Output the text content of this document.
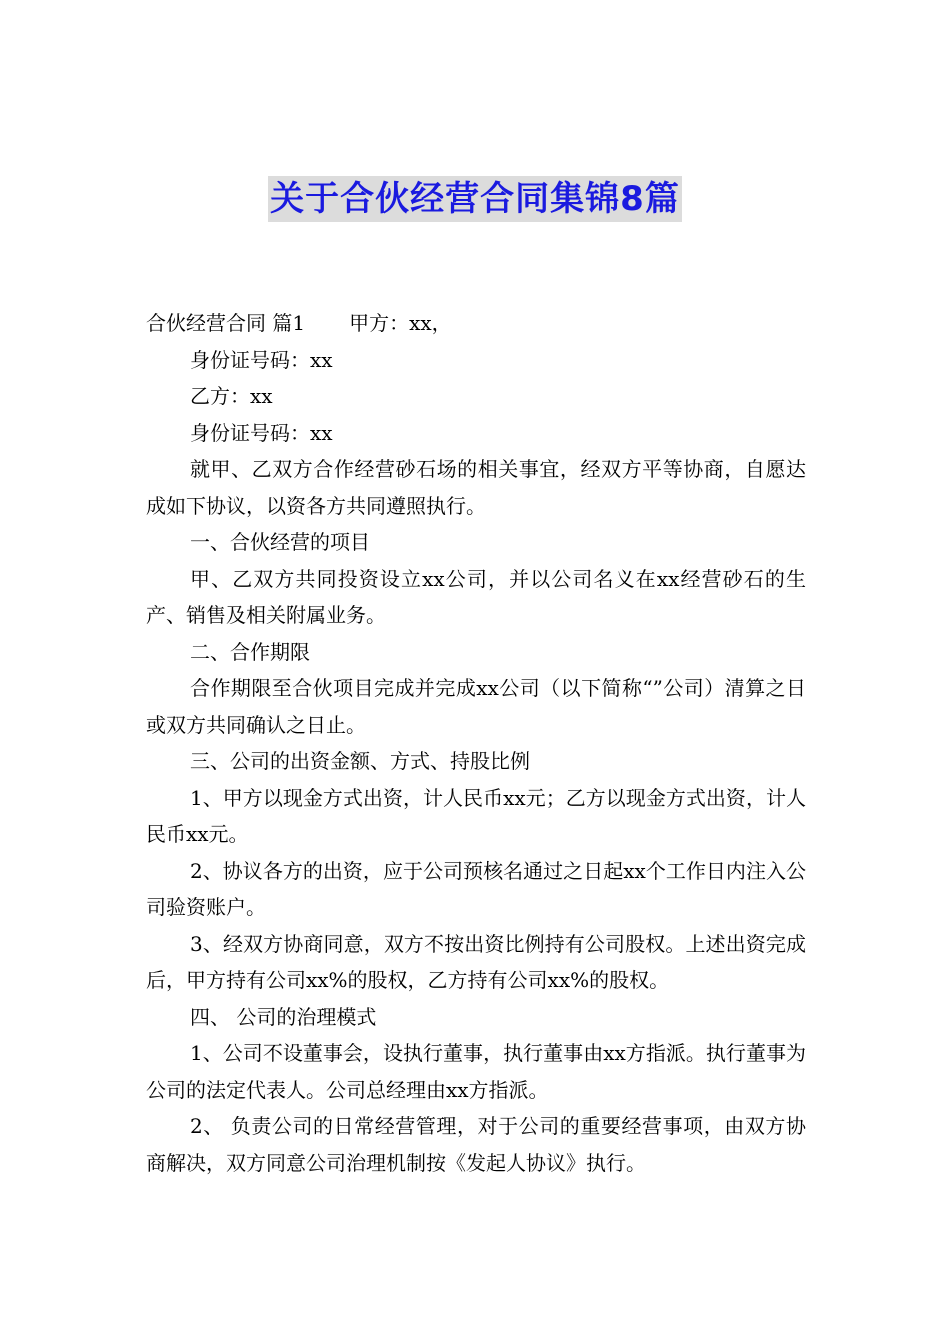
关于合伙经营合同集锦8篇

合伙经营合同 篇1 甲方：xx，

身份证号码：xx

乙方：xx

身份证号码：xx

就甲、乙双方合作经营砂石场的相关事宜，经双方平等协商，自愿达成如下协议，以资各方共同遵照执行。

一、合伙经营的项目

甲、乙双方共同投资设立xx公司，并以公司名义在xx经营砂石的生产、销售及相关附属业务。

二、合作期限

合作期限至合伙项目完成并完成xx公司（以下简称“”公司）清算之日或双方共同确认之日止。

三、公司的出资金额、方式、持股比例

1、甲方以现金方式出资，计人民币xx元；乙方以现金方式出资，计人民币xx元。

2、协议各方的出资，应于公司预核名通过之日起xx个工作日内注入公司验资账户。

3、经双方协商同意，双方不按出资比例持有公司股权。上述出资完成后，甲方持有公司xx%的股权，乙方持有公司xx%的股权。

四、 公司的治理模式

1、公司不设董事会，设执行董事，执行董事由xx方指派。执行董事为公司的法定代表人。公司总经理由xx方指派。

2、 负责公司的日常经营管理，对于公司的重要经营事项，由双方协商解决，双方同意公司治理机制按《发起人协议》执行。
